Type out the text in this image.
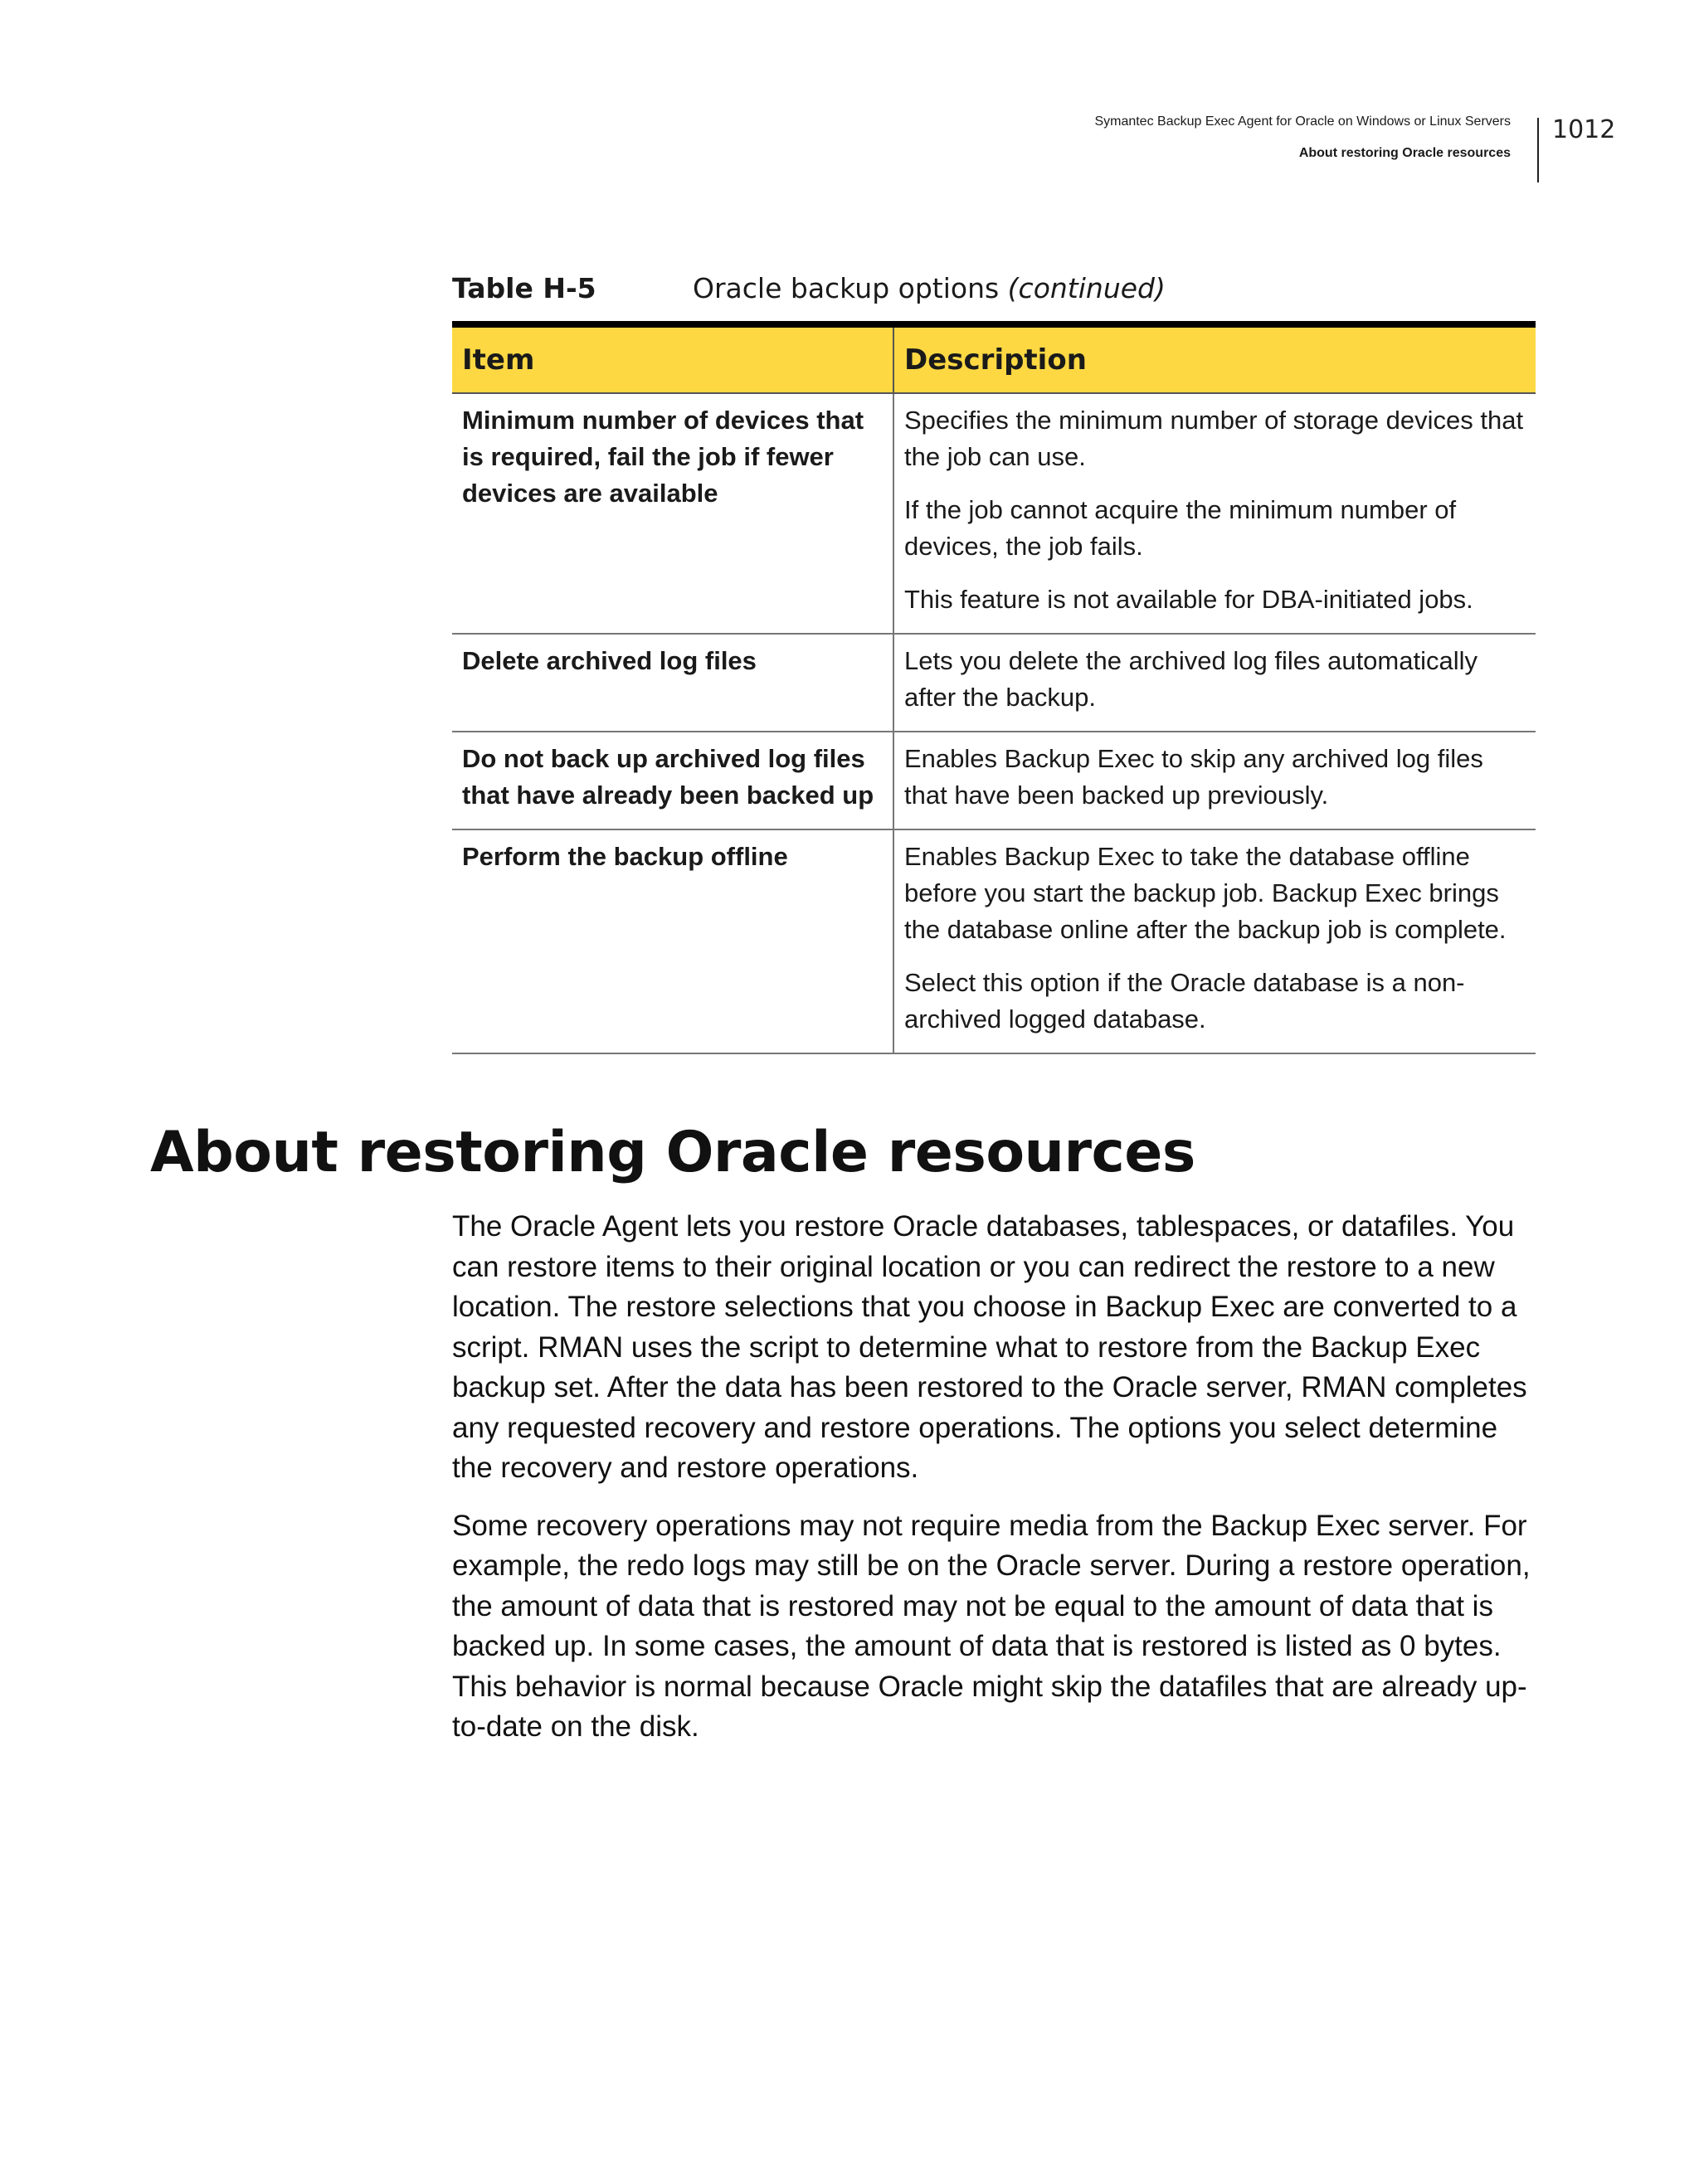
Symantec Backup Exec Agent for Oracle on Windows or Linux Servers
About restoring Oracle resources
1012
Table H-5	Oracle backup options (continued)
Item	Description
Minimum number of devices that is required, fail the job if fewer devices are available	Specifies the minimum number of storage devices that the job can use.

If the job cannot acquire the minimum number of devices, the job fails.

This feature is not available for DBA-initiated jobs.

Delete archived log files	Lets you delete the archived log files automatically after the backup.

Do not back up archived log files that have already been backed up	Enables Backup Exec to skip any archived log files that have been backed up previously.

Perform the backup offline	Enables Backup Exec to take the database offline before you start the backup job. Backup Exec brings the database online after the backup job is complete.

Select this option if the Oracle database is a non-archived logged database.

About restoring Oracle resources

The Oracle Agent lets you restore Oracle databases, tablespaces, or datafiles. You can restore items to their original location or you can redirect the restore to a new location. The restore selections that you choose in Backup Exec are converted to a script. RMAN uses the script to determine what to restore from the Backup Exec backup set. After the data has been restored to the Oracle server, RMAN completes any requested recovery and restore operations. The options you select determine the recovery and restore operations.

Some recovery operations may not require media from the Backup Exec server. For example, the redo logs may still be on the Oracle server. During a restore operation, the amount of data that is restored may not be equal to the amount of data that is backed up. In some cases, the amount of data that is restored is listed as 0 bytes. This behavior is normal because Oracle might skip the datafiles that are already up-to-date on the disk.
